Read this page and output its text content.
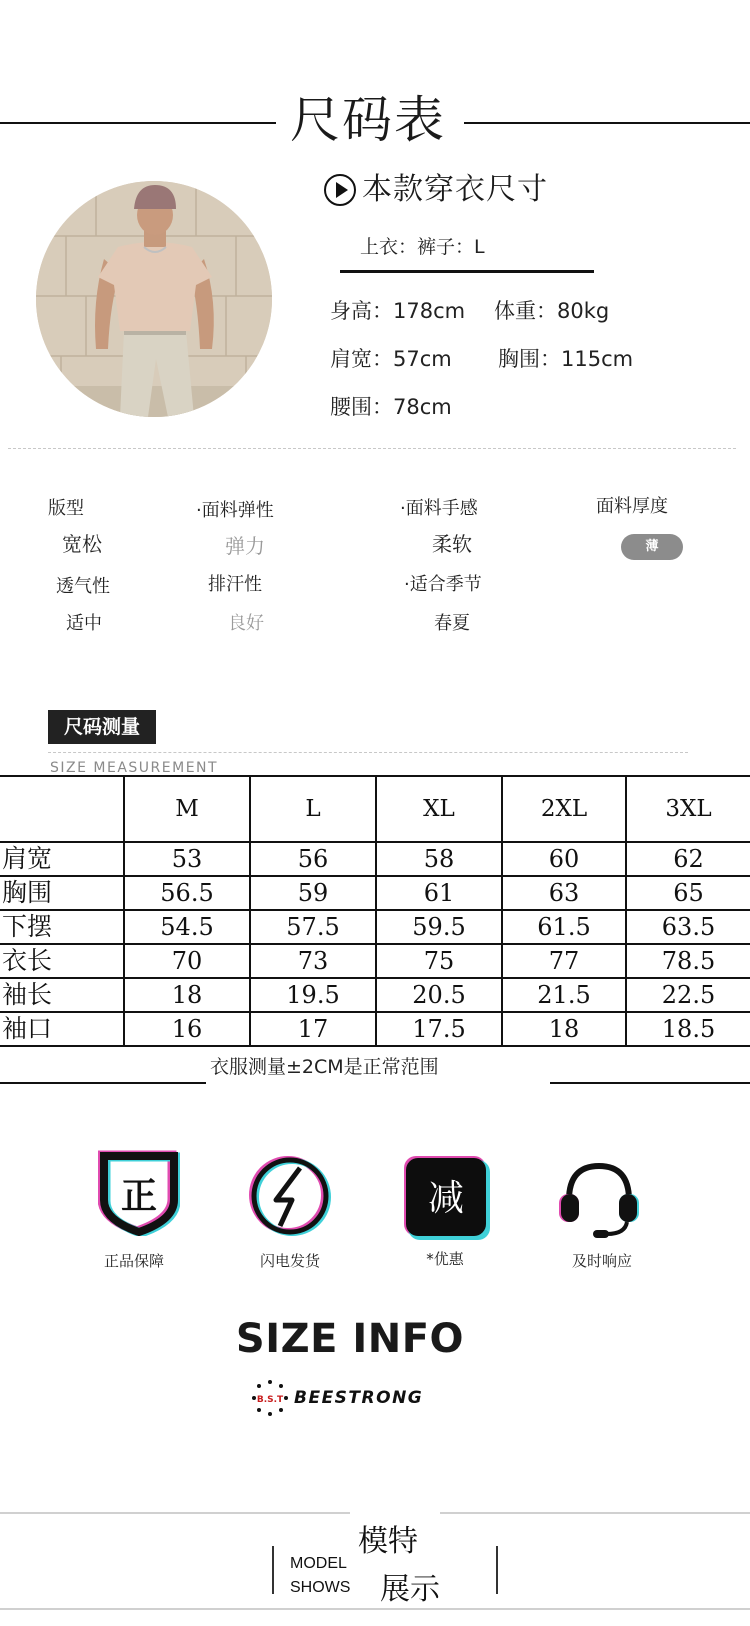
尺码表
本款穿衣尺寸
上衣：裤子：L
身高：178cm 体重：80kg
肩宽：57cm 胸围：115cm
腰围：78cm
版型	·面料弹性	·面料手感	面料厚度
宽松	弹力	柔软	薄
透气性	排汗性	·适合季节
适中	良好	春夏
尺码测量
SIZE MEASUREMENT
	M	L	XL	2XL	3XL
肩宽	53	56	58	60	62
胸围	56.5	59	61	63	65
下摆	54.5	57.5	59.5	61.5	63.5
衣长	70	73	75	77	78.5
袖长	18	19.5	20.5	21.5	22.5
袖口	16	17	17.5	18	18.5
衣服测量±2CM是正常范围
正
正品保障	闪电发货
减
*优惠	及时响应
SIZE INFO
B.S.T BEESTRONG
MODEL
SHOWS
模特
展示
